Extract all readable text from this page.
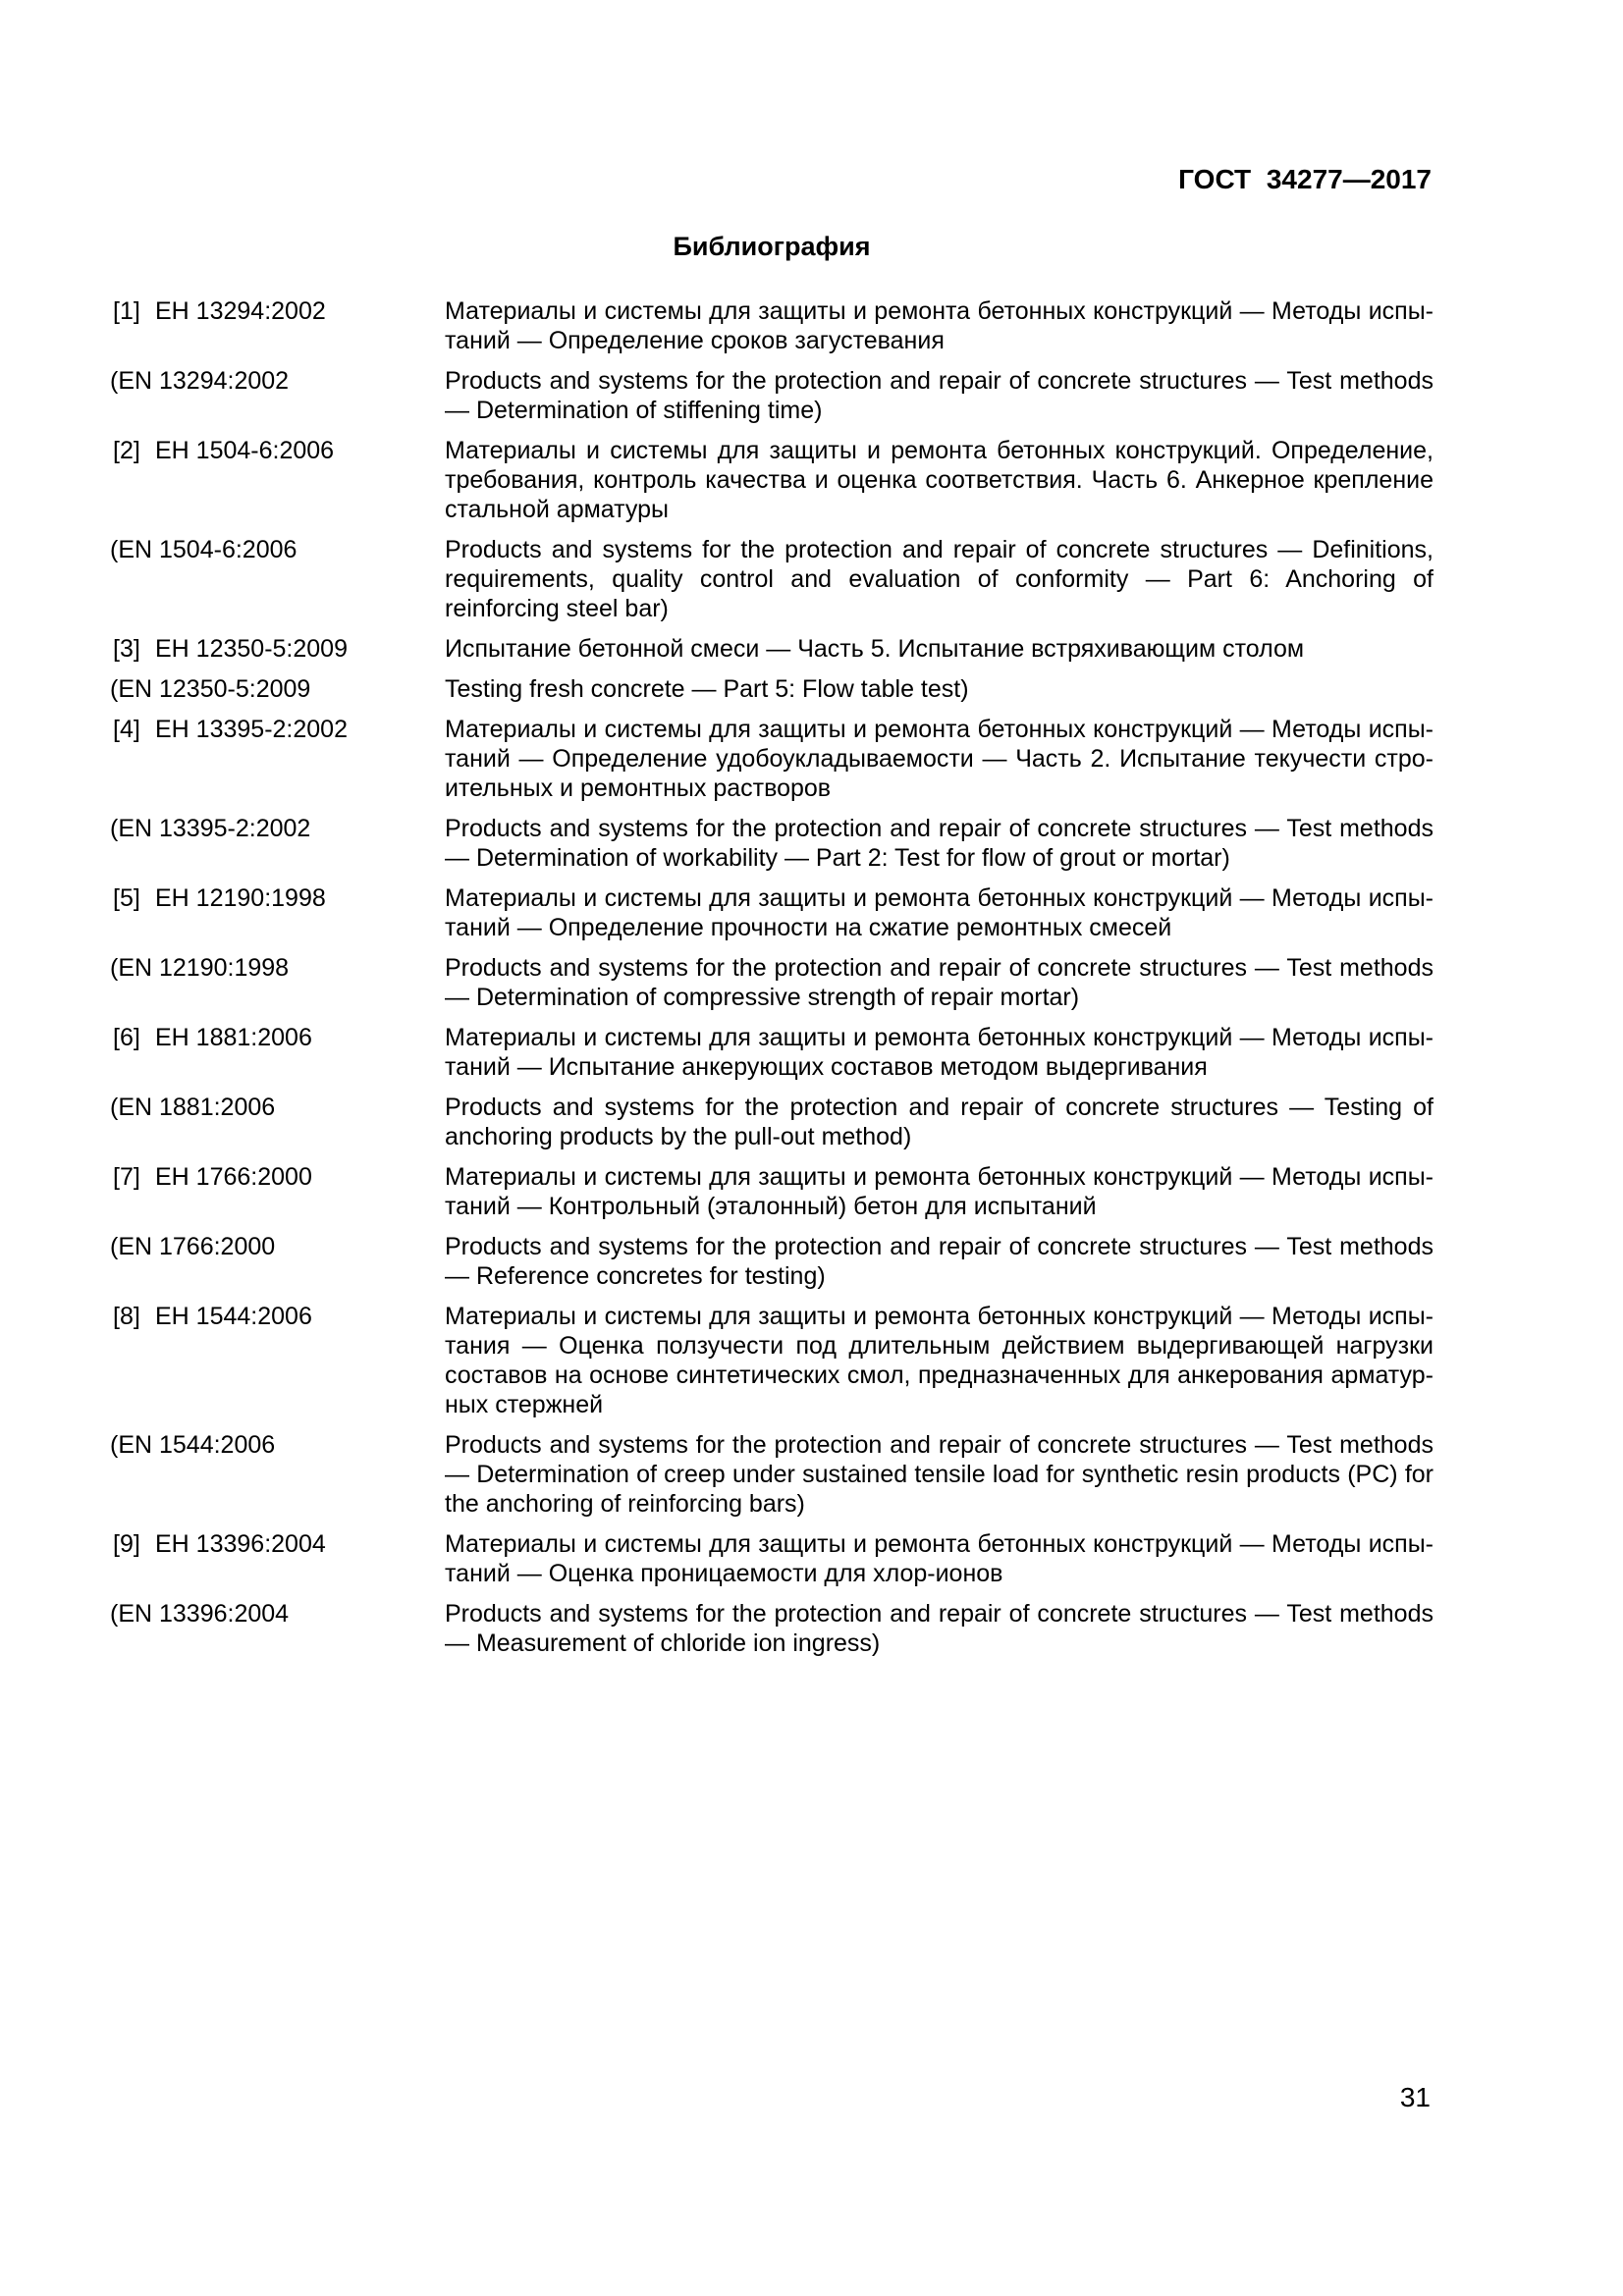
ГОСТ 34277—2017
Библиография
[1] ЕН 13294:2002	Материалы и системы для защиты и ремонта бетонных конструкций — Методы испытаний — Определение сроков загустевания
(EN 13294:2002	Products and systems for the protection and repair of concrete structures — Test methods — Determination of stiffening time)
[2] ЕН 1504-6:2006	Материалы и системы для защиты и ремонта бетонных конструкций. Определение, требования, контроль качества и оценка соответствия. Часть 6. Анкерное крепление стальной арматуры
(EN 1504-6:2006	Products and systems for the protection and repair of concrete structures — Definitions, requirements, quality control and evaluation of conformity — Part 6: Anchoring of reinforcing steel bar)
[3] ЕН 12350-5:2009	Испытание бетонной смеси — Часть 5. Испытание встряхивающим столом
(EN 12350-5:2009	Testing fresh concrete — Part 5: Flow table test)
[4] ЕН 13395-2:2002	Материалы и системы для защиты и ремонта бетонных конструкций — Методы испытаний — Определение удобоукладываемости — Часть 2. Испытание текучести строительных и ремонтных растворов
(EN 13395-2:2002	Products and systems for the protection and repair of concrete structures — Test methods — Determination of workability — Part 2: Test for flow of grout or mortar)
[5] ЕН 12190:1998	Материалы и системы для защиты и ремонта бетонных конструкций — Методы испытаний — Определение прочности на сжатие ремонтных смесей
(EN 12190:1998	Products and systems for the protection and repair of concrete structures — Test methods — Determination of compressive strength of repair mortar)
[6] ЕН 1881:2006	Материалы и системы для защиты и ремонта бетонных конструкций — Методы испытаний — Испытание анкерующих составов методом выдергивания
(EN 1881:2006	Products and systems for the protection and repair of concrete structures — Testing of anchoring products by the pull-out method)
[7] ЕН 1766:2000	Материалы и системы для защиты и ремонта бетонных конструкций — Методы испытаний — Контрольный (эталонный) бетон для испытаний
(EN 1766:2000	Products and systems for the protection and repair of concrete structures — Test methods — Reference concretes for testing)
[8] ЕН 1544:2006	Материалы и системы для защиты и ремонта бетонных конструкций — Методы испытания — Оценка ползучести под длительным действием выдергивающей нагрузки составов на основе синтетических смол, предназначенных для анкерования арматурных стержней
(EN 1544:2006	Products and systems for the protection and repair of concrete structures — Test methods — Determination of creep under sustained tensile load for synthetic resin products (PC) for the anchoring of reinforcing bars)
[9] ЕН 13396:2004	Материалы и системы для защиты и ремонта бетонных конструкций — Методы испытаний — Оценка проницаемости для хлор-ионов
(EN 13396:2004	Products and systems for the protection and repair of concrete structures — Test methods — Measurement of chloride ion ingress)
31
